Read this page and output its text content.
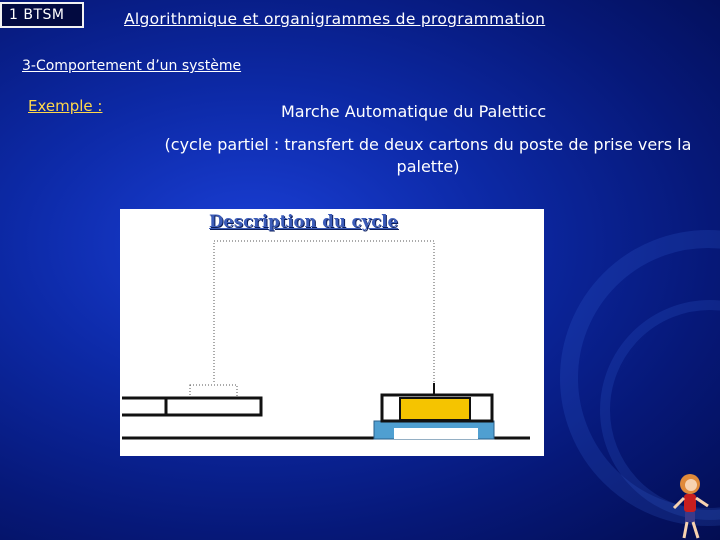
1 BTSM	Algorithmique et organigrammes de programmation
3-Comportement d’un système
Exemple :	Marche Automatique du Paletticc
(cycle partiel : transfert de deux cartons du poste de prise vers la palette)
Description du cycle
